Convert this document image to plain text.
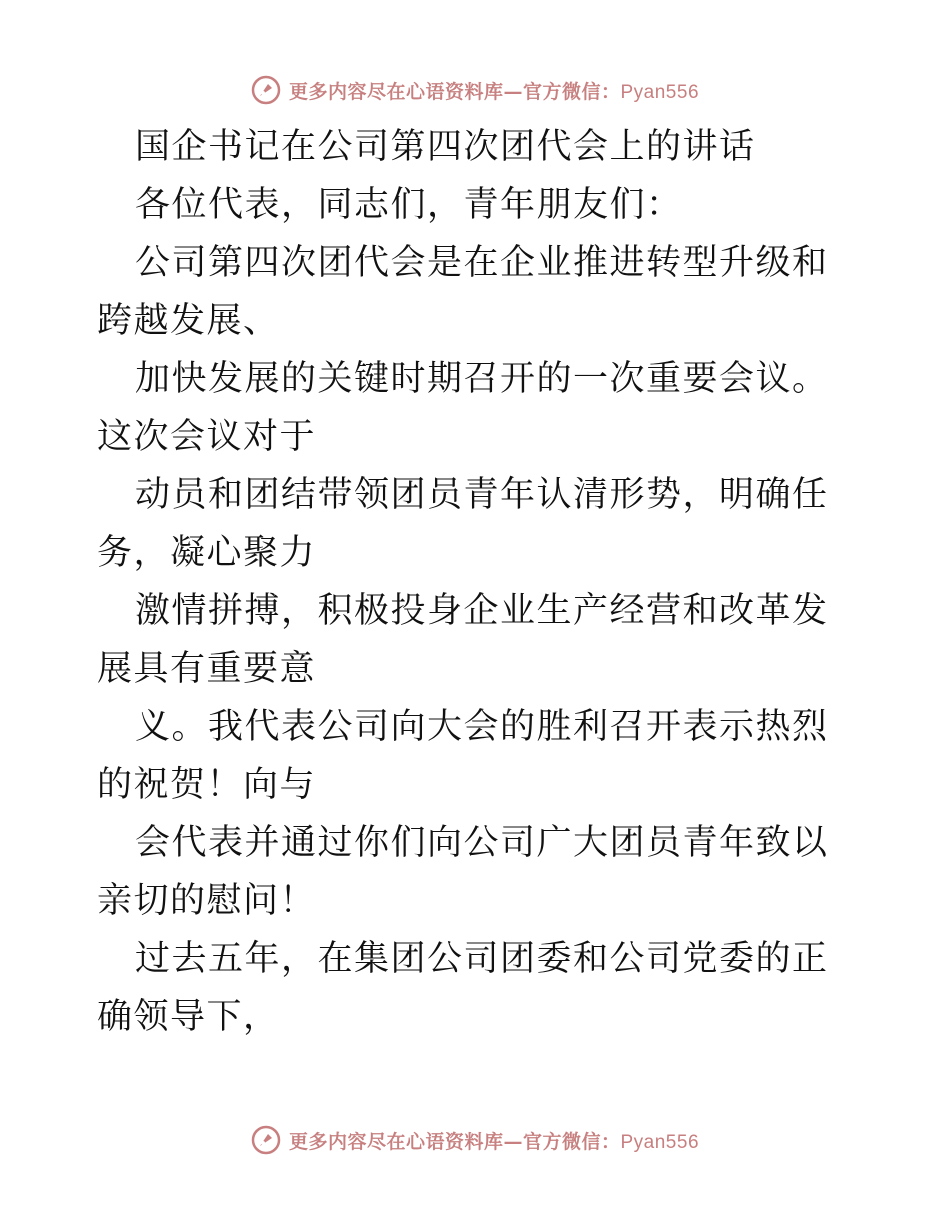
更多内容尽在心语资料库—官方微信：Pyan556

国企书记在公司第四次团代会上的讲话

各位代表，同志们，青年朋友们：

公司第四次团代会是在企业推进转型升级和跨越发展、

加快发展的关键时期召开的一次重要会议。这次会议对于

动员和团结带领团员青年认清形势，明确任务，凝心聚力

激情拼搏，积极投身企业生产经营和改革发展具有重要意

义。我代表公司向大会的胜利召开表示热烈的祝贺！向与

会代表并通过你们向公司广大团员青年致以亲切的慰问！

过去五年，在集团公司团委和公司党委的正确领导下，

更多内容尽在心语资料库—官方微信：Pyan556
